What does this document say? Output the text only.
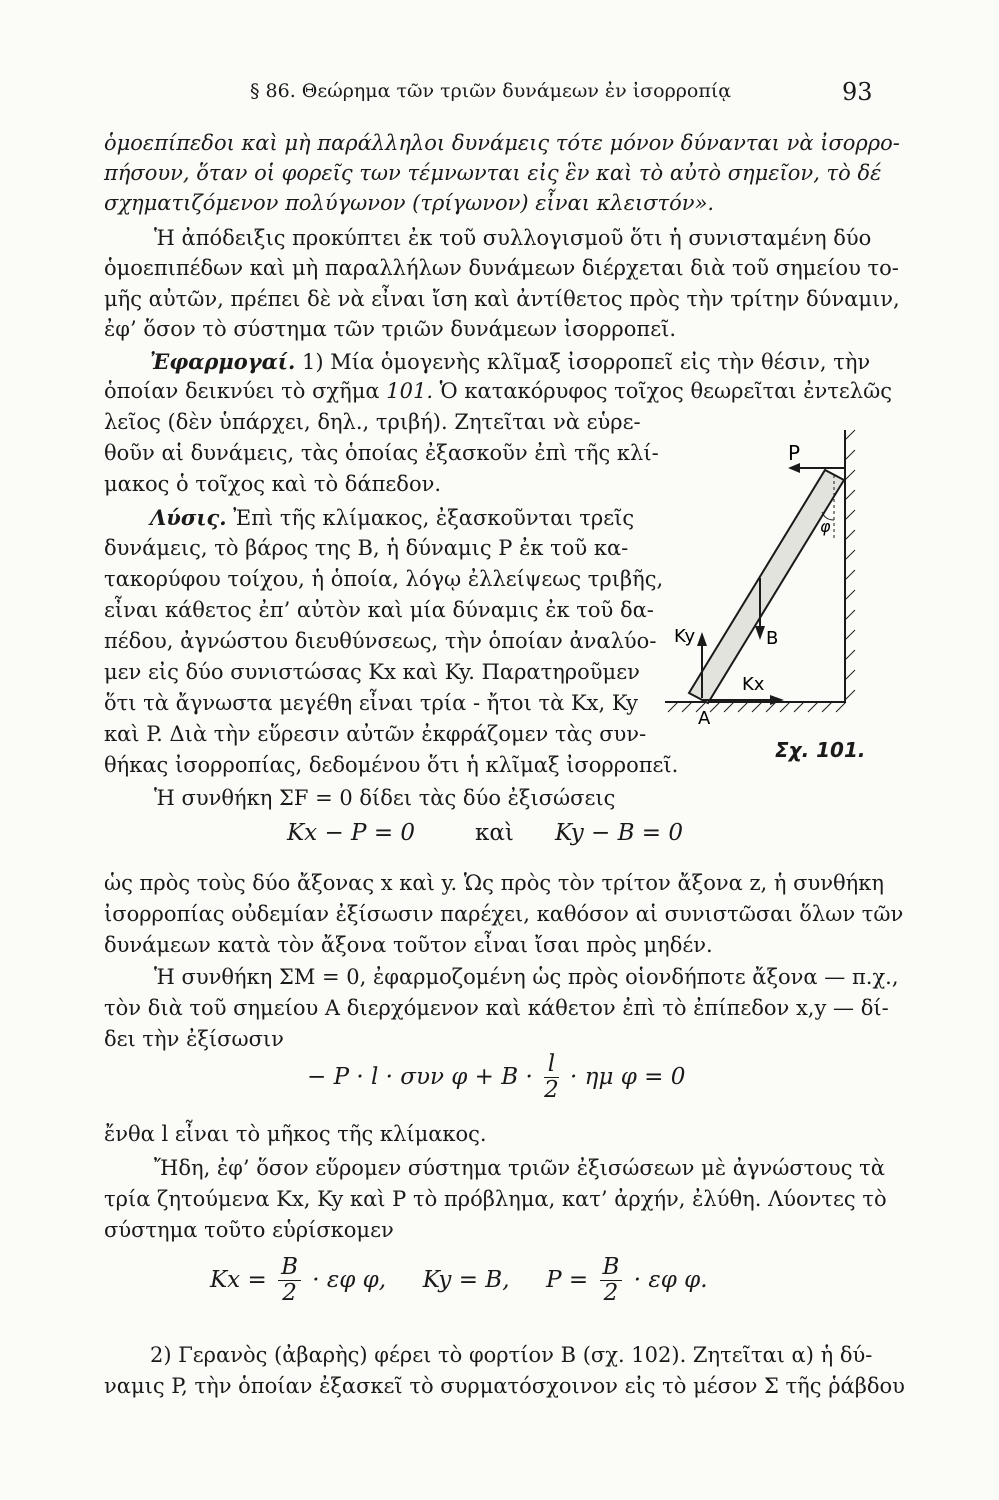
§ 86. Θεώρημα τῶν τριῶν δυνάμεων ἐν ἰσορροπίᾳ	93
ὁμοεπίπεδοι καὶ μὴ παράλληλοι δυνάμεις τότε μόνον δύνανται νὰ ἰσορρο-
πήσουν, ὅταν οἱ φορεῖς των τέμνωνται εἰς ἓν καὶ τὸ αὐτὸ σημεῖον, τὸ δέ
σχηματιζόμενον πολύγωνον (τρίγωνον) εἶναι κλειστόν».
Ἡ ἀπόδειξις προκύπτει ἐκ τοῦ συλλογισμοῦ ὅτι ἡ συνισταμένη δύο
ὁμοεπιπέδων καὶ μὴ παραλλήλων δυνάμεων διέρχεται διὰ τοῦ σημείου το-
μῆς αὐτῶν, πρέπει δὲ νὰ εἶναι ἴση καὶ ἀντίθετος πρὸς τὴν τρίτην δύναμιν,
ἐφ’ ὅσον τὸ σύστημα τῶν τριῶν δυνάμεων ἰσορροπεῖ.
Ἐφαρμογαί. 1) Μία ὁμογενὴς κλῖμαξ ἰσορροπεῖ εἰς τὴν θέσιν, τὴν
ὁποίαν δεικνύει τὸ σχῆμα 101. Ὁ κατακόρυφος τοῖχος θεωρεῖται ἐντελῶς
λεῖος (δὲν ὑπάρχει, δηλ., τριβή). Ζητεῖται νὰ εὑρε-
θοῦν αἱ δυνάμεις, τὰς ὁποίας ἐξασκοῦν ἐπὶ τῆς κλί-
μακος ὁ τοῖχος καὶ τὸ δάπεδον.
Λύσις. Ἐπὶ τῆς κλίμακος, ἐξασκοῦνται τρεῖς
δυνάμεις, τὸ βάρος της B, ἡ δύναμις P ἐκ τοῦ κα-
τακορύφου τοίχου, ἡ ὁποία, λόγῳ ἐλλείψεως τριβῆς,
εἶναι κάθετος ἐπ’ αὐτὸν καὶ μία δύναμις ἐκ τοῦ δα-
πέδου, ἀγνώστου διευθύνσεως, τὴν ὁποίαν ἀναλύο-
μεν εἰς δύο συνιστώσας Kx καὶ Ky. Παρατηροῦμεν
ὅτι τὰ ἄγνωστα μεγέθη εἶναι τρία - ἤτοι τὰ Kx, Ky
καὶ P. Διὰ τὴν εὕρεσιν αὐτῶν ἐκφράζομεν τὰς συν-
θήκας ἰσορροπίας, δεδομένου ὅτι ἡ κλῖμαξ ἰσορροπεῖ.
P
φ
Ky	B
Kx
A
Σχ. 101.
Ἡ συνθήκη ΣF = 0 δίδει τὰς δύο ἐξισώσεις
Kx − P = 0	καὶ Ky − B = 0
ὡς πρὸς τοὺς δύο ἄξονας x καὶ y. Ὡς πρὸς τὸν τρίτον ἄξονα z, ἡ συνθήκη
ἰσορροπίας οὐδεμίαν ἐξίσωσιν παρέχει, καθόσον αἱ συνιστῶσαι ὅλων τῶν
δυνάμεων κατὰ τὸν ἄξονα τοῦτον εἶναι ἴσαι πρὸς μηδέν.
Ἡ συνθήκη ΣM = 0, ἐφαρμοζομένη ὡς πρὸς οἱονδήποτε ἄξονα — π.χ.,
τὸν διὰ τοῦ σημείου A διερχόμενον καὶ κάθετον ἐπὶ τὸ ἐπίπεδον x,y — δί-
δει τὴν ἐξίσωσιν
− P · l · συν $\varphi + B \cdot \frac{l}{2} \cdot \eta\mu$ φ = 0
ἔνθα l εἶναι τὸ μῆκος τῆς κλίμακος.
Ἤδη, ἐφ’ ὅσον εὕρομεν σύστημα τριῶν ἐξισώσεων μὲ ἀγνώστους τὰ
τρία ζητούμενα Kx, Ky καὶ P τὸ πρόβλημα, κατ’ ἀρχήν, ἐλύθη. Λύοντες τὸ
σύστημα τοῦτο εὑρίσκομεν
$Kx = \frac{B}{2} \cdot \varepsilon\varphi$ φ, Ky = B, $P = \frac{B}{2} \cdot \varepsilon\varphi$ φ.
2) Γερανὸς (ἀβαρὴς) φέρει τὸ φορτίον B (σχ. 102). Ζητεῖται α) ἡ δύ-
ναμις P, τὴν ὁποίαν ἐξασκεῖ τὸ συρματόσχοινον εἰς τὸ μέσον Σ τῆς ῥάβδου
